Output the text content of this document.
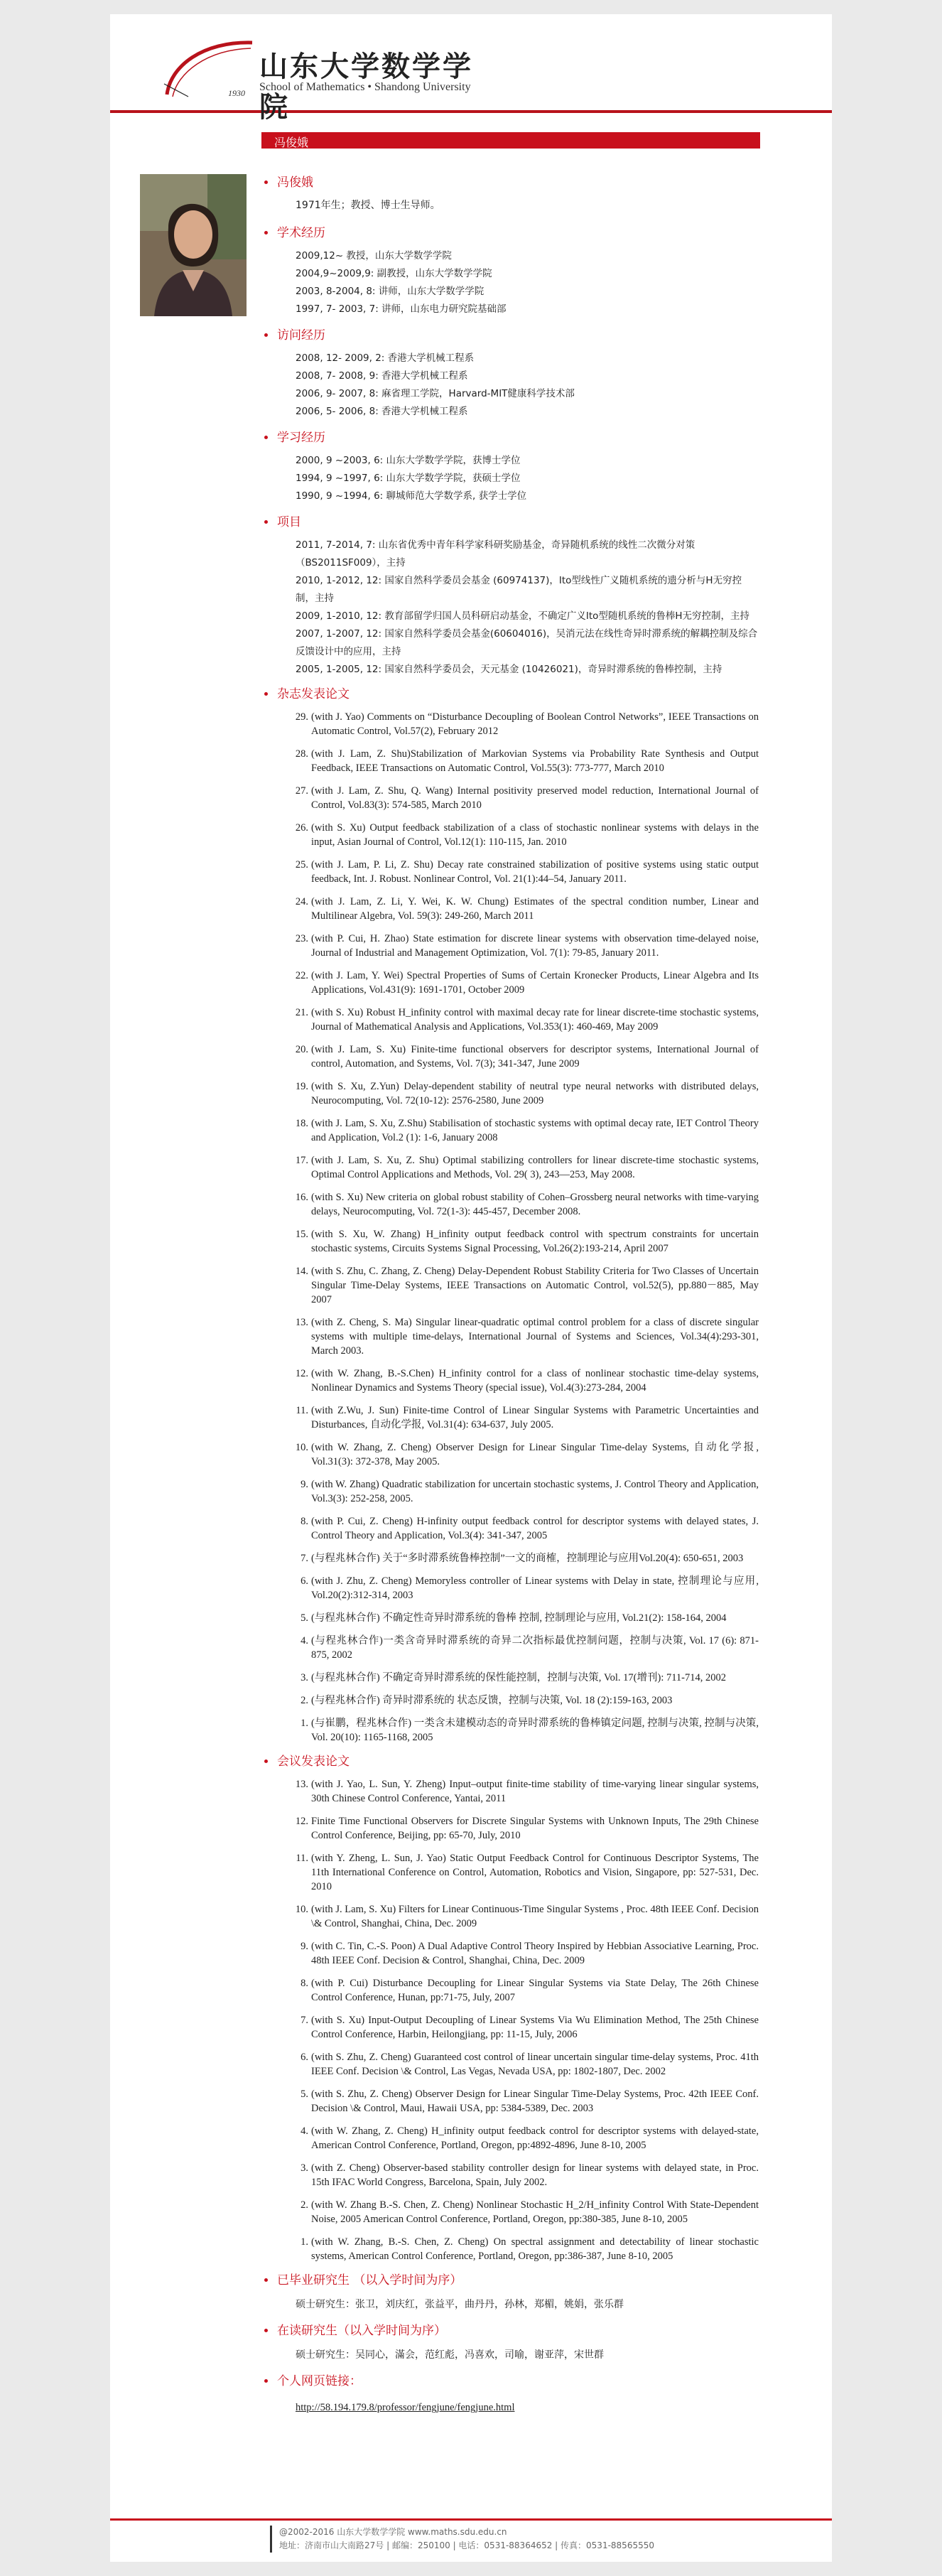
1930
山东大学数学学院
School of Mathematics • Shandong University
冯俊娥

冯俊娥

1971年生；教授、博士生导师。

学术经历

2009,12~ 教授，山东大学数学学院
2004,9~2009,9: 副教授，山东大学数学学院
2003, 8-2004, 8: 讲师，山东大学数学学院
1997, 7- 2003, 7: 讲师，山东电力研究院基础部

访问经历

2008, 12- 2009, 2: 香港大学机械工程系
2008, 7- 2008, 9: 香港大学机械工程系
2006, 9- 2007, 8: 麻省理工学院，Harvard-MIT健康科学技术部
2006, 5- 2006, 8: 香港大学机械工程系

学习经历

2000, 9 ~2003, 6: 山东大学数学学院，获博士学位
1994, 9 ~1997, 6: 山东大学数学学院，获硕士学位
1990, 9 ~1994, 6: 聊城师范大学数学系, 获学士学位

项目

2011, 7-2014, 7: 山东省优秀中青年科学家科研奖励基金，奇异随机系统的线性二次微分对策（BS2011SF009），主持
2010, 1-2012, 12: 国家自然科学委员会基金 (60974137)，Ito型线性广义随机系统的遗分析与H无穷控制，主持
2009, 1-2010, 12: 教育部留学归国人员科研启动基金，不确定广义Ito型随机系统的鲁棒H无穷控制，主持
2007, 1-2007, 12: 国家自然科学委员会基金(60604016)，吴消元法在线性奇异时滞系统的解耦控制及综合反馈设计中的应用，主持
2005, 1-2005, 12: 国家自然科学委员会，天元基金 (10426021)，奇异时滞系统的鲁棒控制，主持

杂志发表论文

29. (with J. Yao) Comments on “Disturbance Decoupling of Boolean Control Networks”, IEEE Transactions on Automatic Control, Vol.57(2), February 2012
28. (with J. Lam, Z. Shu)Stabilization of Markovian Systems via Probability Rate Synthesis and Output Feedback, IEEE Transactions on Automatic Control, Vol.55(3): 773-777, March 2010
27. (with J. Lam, Z. Shu, Q. Wang) Internal positivity preserved model reduction, International Journal of Control, Vol.83(3): 574-585, March 2010
26. (with S. Xu) Output feedback stabilization of a class of stochastic nonlinear systems with delays in the input, Asian Journal of Control, Vol.12(1): 110-115, Jan. 2010
25. (with J. Lam, P. Li, Z. Shu) Decay rate constrained stabilization of positive systems using static output feedback, Int. J. Robust. Nonlinear Control, Vol. 21(1):44–54, January 2011.
24. (with J. Lam, Z. Li, Y. Wei, K. W. Chung) Estimates of the spectral condition number, Linear and Multilinear Algebra, Vol. 59(3): 249-260, March 2011
23. (with P. Cui, H. Zhao) State estimation for discrete linear systems with observation time-delayed noise, Journal of Industrial and Management Optimization, Vol. 7(1): 79-85, January 2011.
22. (with J. Lam, Y. Wei) Spectral Properties of Sums of Certain Kronecker Products, Linear Algebra and Its Applications, Vol.431(9): 1691-1701, October 2009
21. (with S. Xu) Robust H_infinity control with maximal decay rate for linear discrete-time stochastic systems, Journal of Mathematical Analysis and Applications, Vol.353(1): 460-469, May 2009
20. (with J. Lam, S. Xu) Finite-time functional observers for descriptor systems, International Journal of control, Automation, and Systems, Vol. 7(3); 341-347, June 2009
19. (with S. Xu, Z.Yun) Delay-dependent stability of neutral type neural networks with distributed delays, Neurocomputing, Vol. 72(10-12): 2576-2580, June 2009
18. (with J. Lam, S. Xu, Z.Shu) Stabilisation of stochastic systems with optimal decay rate, IET Control Theory and Application, Vol.2 (1): 1-6, January 2008
17. (with J. Lam, S. Xu, Z. Shu) Optimal stabilizing controllers for linear discrete-time stochastic systems, Optimal Control Applications and Methods, Vol. 29( 3), 243—253, May 2008.
16. (with S. Xu) New criteria on global robust stability of Cohen–Grossberg neural networks with time-varying delays, Neurocomputing, Vol. 72(1-3): 445-457, December 2008.
15. (with S. Xu, W. Zhang) H_infinity output feedback control with spectrum constraints for uncertain stochastic systems, Circuits Systems Signal Processing, Vol.26(2):193-214, April 2007
14. (with S. Zhu, C. Zhang, Z. Cheng) Delay-Dependent Robust Stability Criteria for Two Classes of Uncertain Singular Time-Delay Systems, IEEE Transactions on Automatic Control, vol.52(5), pp.880－885, May 2007
13. (with Z. Cheng, S. Ma) Singular linear-quadratic optimal control problem for a class of discrete singular systems with multiple time-delays, International Journal of Systems and Sciences, Vol.34(4):293-301, March 2003.
12. (with W. Zhang, B.-S.Chen) H_infinity control for a class of nonlinear stochastic time-delay systems, Nonlinear Dynamics and Systems Theory (special issue), Vol.4(3):273-284, 2004
11. (with Z.Wu, J. Sun) Finite-time Control of Linear Singular Systems with Parametric Uncertainties and Disturbances, 自动化学报, Vol.31(4): 634-637, July 2005.
10. (with W. Zhang, Z. Cheng) Observer Design for Linear Singular Time-delay Systems, 自动化学报, Vol.31(3): 372-378, May 2005.
9. (with W. Zhang) Quadratic stabilization for uncertain stochastic systems, J. Control Theory and Application, Vol.3(3): 252-258, 2005.
8. (with P. Cui, Z. Cheng) H-infinity output feedback control for descriptor systems with delayed states, J. Control Theory and Application, Vol.3(4): 341-347, 2005
7. (与程兆林合作) 关于“多时滞系统鲁棒控制”一文的商榷，控制理论与应用Vol.20(4): 650-651, 2003
6. (with J. Zhu, Z. Cheng) Memoryless controller of Linear systems with Delay in state, 控制理论与应用, Vol.20(2):312-314, 2003
5. (与程兆林合作) 不确定性奇异时滞系统的鲁棒 控制, 控制理论与应用, Vol.21(2): 158-164, 2004
4. (与程兆林合作)一类含奇异时滞系统的奇异二次指标最优控制问题，控制与决策, Vol. 17 (6): 871-875, 2002
3. (与程兆林合作) 不确定奇异时滞系统的保性能控制，控制与决策, Vol. 17(增刊): 711-714, 2002
2. (与程兆林合作) 奇异时滞系统的 状态反馈，控制与决策, Vol. 18 (2):159-163, 2003
1. (与崔鹏，程兆林合作) 一类含未建模动态的奇异时滞系统的鲁棒镇定问题, 控制与决策, 控制与决策, Vol. 20(10): 1165-1168, 2005

会议发表论文

13. (with J. Yao, L. Sun, Y. Zheng) Input–output finite-time stability of time-varying linear singular systems, 30th Chinese Control Conference, Yantai, 2011
12. Finite Time Functional Observers for Discrete Singular Systems with Unknown Inputs, The 29th Chinese Control Conference, Beijing, pp: 65-70, July, 2010
11. (with Y. Zheng, L. Sun, J. Yao) Static Output Feedback Control for Continuous Descriptor Systems, The 11th International Conference on Control, Automation, Robotics and Vision, Singapore, pp: 527-531, Dec. 2010
10. (with J. Lam, S. Xu) Filters for Linear Continuous-Time Singular Systems , Proc. 48th IEEE Conf. Decision \& Control, Shanghai, China, Dec. 2009
9. (with C. Tin, C.-S. Poon) A Dual Adaptive Control Theory Inspired by Hebbian Associative Learning, Proc. 48th IEEE Conf. Decision & Control, Shanghai, China, Dec. 2009
8. (with P. Cui) Disturbance Decoupling for Linear Singular Systems via State Delay, The 26th Chinese Control Conference, Hunan, pp:71-75, July, 2007
7. (with S. Xu) Input-Output Decoupling of Linear Systems Via Wu Elimination Method, The 25th Chinese Control Conference, Harbin, Heilongjiang, pp: 11-15, July, 2006
6. (with S. Zhu, Z. Cheng) Guaranteed cost control of linear uncertain singular time-delay systems, Proc. 41th IEEE Conf. Decision \& Control, Las Vegas, Nevada USA, pp: 1802-1807, Dec. 2002
5. (with S. Zhu, Z. Cheng) Observer Design for Linear Singular Time-Delay Systems, Proc. 42th IEEE Conf. Decision \& Control, Maui, Hawaii USA, pp: 5384-5389, Dec. 2003
4. (with W. Zhang, Z. Cheng) H_infinity output feedback control for descriptor systems with delayed-state, American Control Conference, Portland, Oregon, pp:4892-4896, June 8-10, 2005
3. (with Z. Cheng) Observer-based stability controller design for linear systems with delayed state, in Proc. 15th IFAC World Congress, Barcelona, Spain, July 2002.
2. (with W. Zhang B.-S. Chen, Z. Cheng) Nonlinear Stochastic H_2/H_infinity Control With State-Dependent Noise, 2005 American Control Conference, Portland, Oregon, pp:380-385, June 8-10, 2005
1. (with W. Zhang, B.-S. Chen, Z. Cheng) On spectral assignment and detectability of linear stochastic systems, American Control Conference, Portland, Oregon, pp:386-387, June 8-10, 2005

已毕业研究生 （以入学时间为序）

硕士研究生：张卫，刘庆红，张益平，曲丹丹，孙林，郑楣，姚娟，张乐群

在读研究生（以入学时间为序）

硕士研究生：吴同心，滿会，范红彪，冯喜欢，司喻，谢亚萍，宋世群

个人网页链接：

http://58.194.179.8/professor/fengjune/fengjune.html

@2002-2016 山东大学数学学院 www.maths.sdu.edu.cn
地址：济南市山大南路27号 | 邮编：250100 | 电话：0531-88364652 | 传真：0531-88565550
